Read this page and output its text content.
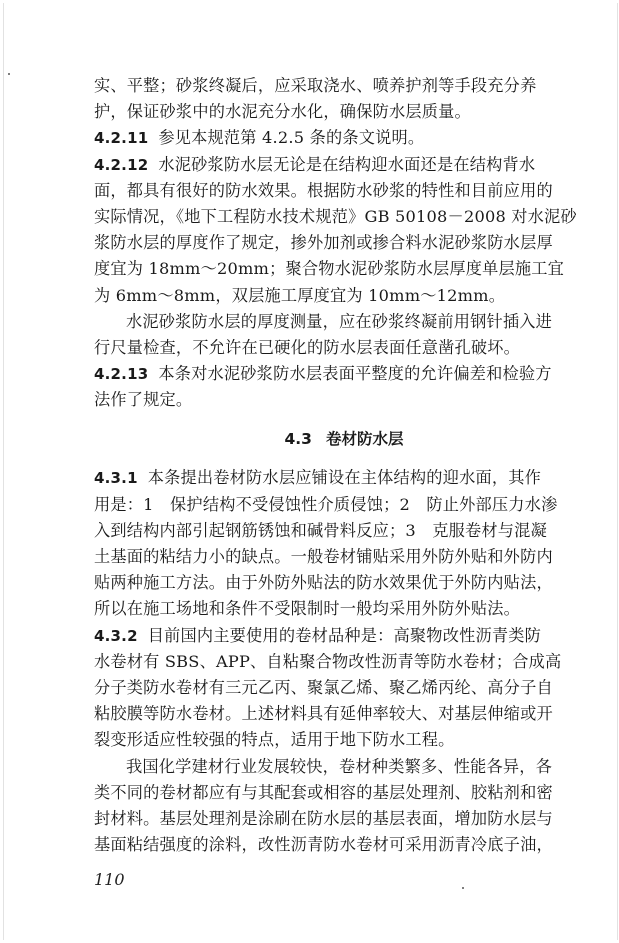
实、平整；砂浆终凝后，应采取浇水、喷养护剂等手段充分养
护，保证砂浆中的水泥充分水化，确保防水层质量。
4.2.11 参见本规范第 4.2.5 条的条文说明。
4.2.12 水泥砂浆防水层无论是在结构迎水面还是在结构背水
面，都具有很好的防水效果。根据防水砂浆的特性和目前应用的
实际情况，《地下工程防水技术规范》GB 50108－2008 对水泥砂
浆防水层的厚度作了规定，掺外加剂或掺合料水泥砂浆防水层厚
度宜为 18mm～20mm；聚合物水泥砂浆防水层厚度单层施工宜
为 6mm～8mm，双层施工厚度宜为 10mm～12mm。
水泥砂浆防水层的厚度测量，应在砂浆终凝前用钢针插入进
行尺量检查，不允许在已硬化的防水层表面任意凿孔破坏。
4.2.13 本条对水泥砂浆防水层表面平整度的允许偏差和检验方
法作了规定。
4.3 卷材防水层
4.3.1 本条提出卷材防水层应铺设在主体结构的迎水面，其作
用是：1　保护结构不受侵蚀性介质侵蚀；2　防止外部压力水渗
入到结构内部引起钢筋锈蚀和碱骨料反应；3　克服卷材与混凝
土基面的粘结力小的缺点。一般卷材铺贴采用外防外贴和外防内
贴两种施工方法。由于外防外贴法的防水效果优于外防内贴法，
所以在施工场地和条件不受限制时一般均采用外防外贴法。
4.3.2 目前国内主要使用的卷材品种是：高聚物改性沥青类防
水卷材有 SBS、APP、自粘聚合物改性沥青等防水卷材；合成高
分子类防水卷材有三元乙丙、聚氯乙烯、聚乙烯丙纶、高分子自
粘胶膜等防水卷材。上述材料具有延伸率较大、对基层伸缩或开
裂变形适应性较强的特点，适用于地下防水工程。
我国化学建材行业发展较快，卷材种类繁多、性能各异，各
类不同的卷材都应有与其配套或相容的基层处理剂、胶粘剂和密
封材料。基层处理剂是涂刷在防水层的基层表面，增加防水层与
基面粘结强度的涂料，改性沥青防水卷材可采用沥青冷底子油，
110
